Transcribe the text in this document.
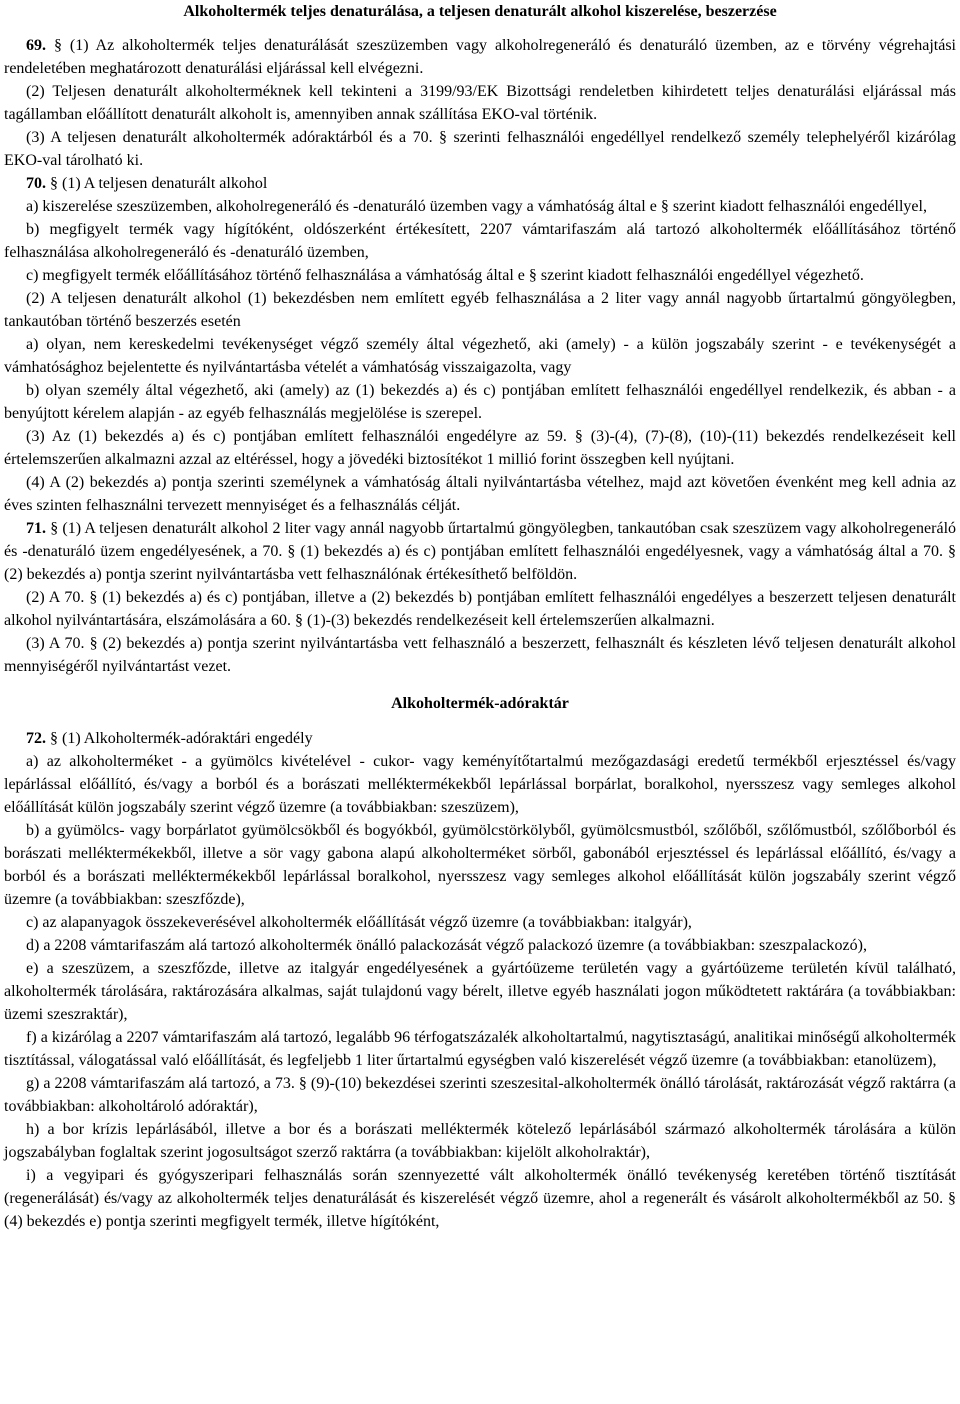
Alkoholtermék teljes denaturálása, a teljesen denaturált alkohol kiszerelése, beszerzése

69. § (1) Az alkoholtermék teljes denaturálását szeszüzemben vagy alkoholregeneráló és denaturáló üzemben, az e törvény végrehajtási rendeletében meghatározott denaturálási eljárással kell elvégezni.

(2) Teljesen denaturált alkoholterméknek kell tekinteni a 3199/93/EK Bizottsági rendeletben kihirdetett teljes denaturálási eljárással más tagállamban előállított denaturált alkoholt is, amennyiben annak szállítása EKO-val történik.

(3) A teljesen denaturált alkoholtermék adóraktárból és a 70. § szerinti felhasználói engedéllyel rendelkező személy telephelyéről kizárólag EKO-val tárolható ki.

70. § (1) A teljesen denaturált alkohol

a) kiszerelése szeszüzemben, alkoholregeneráló és -denaturáló üzemben vagy a vámhatóság által e § szerint kiadott felhasználói engedéllyel,

b) megfigyelt termék vagy hígítóként, oldószerként értékesített, 2207 vámtarifaszám alá tartozó alkoholtermék előállításához történő felhasználása alkoholregeneráló és -denaturáló üzemben,

c) megfigyelt termék előállításához történő felhasználása a vámhatóság által e § szerint kiadott felhasználói engedéllyel végezhető.

(2) A teljesen denaturált alkohol (1) bekezdésben nem említett egyéb felhasználása a 2 liter vagy annál nagyobb űrtartalmú göngyölegben, tankautóban történő beszerzés esetén

a) olyan, nem kereskedelmi tevékenységet végző személy által végezhető, aki (amely) - a külön jogszabály szerint - e tevékenységét a vámhatósághoz bejelentette és nyilvántartásba vételét a vámhatóság visszaigazolta, vagy

b) olyan személy által végezhető, aki (amely) az (1) bekezdés a) és c) pontjában említett felhasználói engedéllyel rendelkezik, és abban - a benyújtott kérelem alapján - az egyéb felhasználás megjelölése is szerepel.

(3) Az (1) bekezdés a) és c) pontjában említett felhasználói engedélyre az 59. § (3)-(4), (7)-(8), (10)-(11) bekezdés rendelkezéseit kell értelemszerűen alkalmazni azzal az eltéréssel, hogy a jövedéki biztosítékot 1 millió forint összegben kell nyújtani.

(4) A (2) bekezdés a) pontja szerinti személynek a vámhatóság általi nyilvántartásba vételhez, majd azt követően évenként meg kell adnia az éves szinten felhasználni tervezett mennyiséget és a felhasználás célját.

71. § (1) A teljesen denaturált alkohol 2 liter vagy annál nagyobb űrtartalmú göngyölegben, tankautóban csak szeszüzem vagy alkoholregeneráló és -denaturáló üzem engedélyesének, a 70. § (1) bekezdés a) és c) pontjában említett felhasználói engedélyesnek, vagy a vámhatóság által a 70. § (2) bekezdés a) pontja szerint nyilvántartásba vett felhasználónak értékesíthető belföldön.

(2) A 70. § (1) bekezdés a) és c) pontjában, illetve a (2) bekezdés b) pontjában említett felhasználói engedélyes a beszerzett teljesen denaturált alkohol nyilvántartására, elszámolására a 60. § (1)-(3) bekezdés rendelkezéseit kell értelemszerűen alkalmazni.

(3) A 70. § (2) bekezdés a) pontja szerint nyilvántartásba vett felhasználó a beszerzett, felhasznált és készleten lévő teljesen denaturált alkohol mennyiségéről nyilvántartást vezet.

Alkoholtermék-adóraktár

72. § (1) Alkoholtermék-adóraktári engedély

a) az alkoholterméket - a gyümölcs kivételével - cukor- vagy keményítőtartalmú mezőgazdasági eredetű termékből erjesztéssel és/vagy lepárlással előállító, és/vagy a borból és a borászati melléktermékekből lepárlással borpárlat, boralkohol, nyersszesz vagy semleges alkohol előállítását külön jogszabály szerint végző üzemre (a továbbiakban: szeszüzem),

b) a gyümölcs- vagy borpárlatot gyümölcsökből és bogyókból, gyümölcstörkölyből, gyümölcsmustból, szőlőből, szőlőmustból, szőlőborból és borászati melléktermékekből, illetve a sör vagy gabona alapú alkoholterméket sörből, gabonából erjesztéssel és lepárlással előállító, és/vagy a borból és a borászati melléktermékekből lepárlással boralkohol, nyersszesz vagy semleges alkohol előállítását külön jogszabály szerint végző üzemre (a továbbiakban: szeszfőzde),

c) az alapanyagok összekeverésével alkoholtermék előállítását végző üzemre (a továbbiakban: italgyár),

d) a 2208 vámtarifaszám alá tartozó alkoholtermék önálló palackozását végző palackozó üzemre (a továbbiakban: szeszpalackozó),

e) a szeszüzem, a szeszfőzde, illetve az italgyár engedélyesének a gyártóüzeme területén vagy a gyártóüzeme területén kívül található, alkoholtermék tárolására, raktározására alkalmas, saját tulajdonú vagy bérelt, illetve egyéb használati jogon működtetett raktárára (a továbbiakban: üzemi szeszraktár),

f) a kizárólag a 2207 vámtarifaszám alá tartozó, legalább 96 térfogatszázalék alkoholtartalmú, nagytisztaságú, analitikai minőségű alkoholtermék tisztítással, válogatással való előállítását, és legfeljebb 1 liter űrtartalmú egységben való kiszerelését végző üzemre (a továbbiakban: etanolüzem),

g) a 2208 vámtarifaszám alá tartozó, a 73. § (9)-(10) bekezdései szerinti szeszesital-alkoholtermék önálló tárolását, raktározását végző raktárra (a továbbiakban: alkoholtároló adóraktár),

h) a bor krízis lepárlásából, illetve a bor és a borászati melléktermék kötelező lepárlásából származó alkoholtermék tárolására a külön jogszabályban foglaltak szerint jogosultságot szerző raktárra (a továbbiakban: kijelölt alkoholraktár),

i) a vegyipari és gyógyszeripari felhasználás során szennyezetté vált alkoholtermék önálló tevékenység keretében történő tisztítását (regenerálását) és/vagy az alkoholtermék teljes denaturálását és kiszerelését végző üzemre, ahol a regenerált és vásárolt alkoholtermékből az 50. § (4) bekezdés e) pontja szerinti megfigyelt termék, illetve hígítóként,
